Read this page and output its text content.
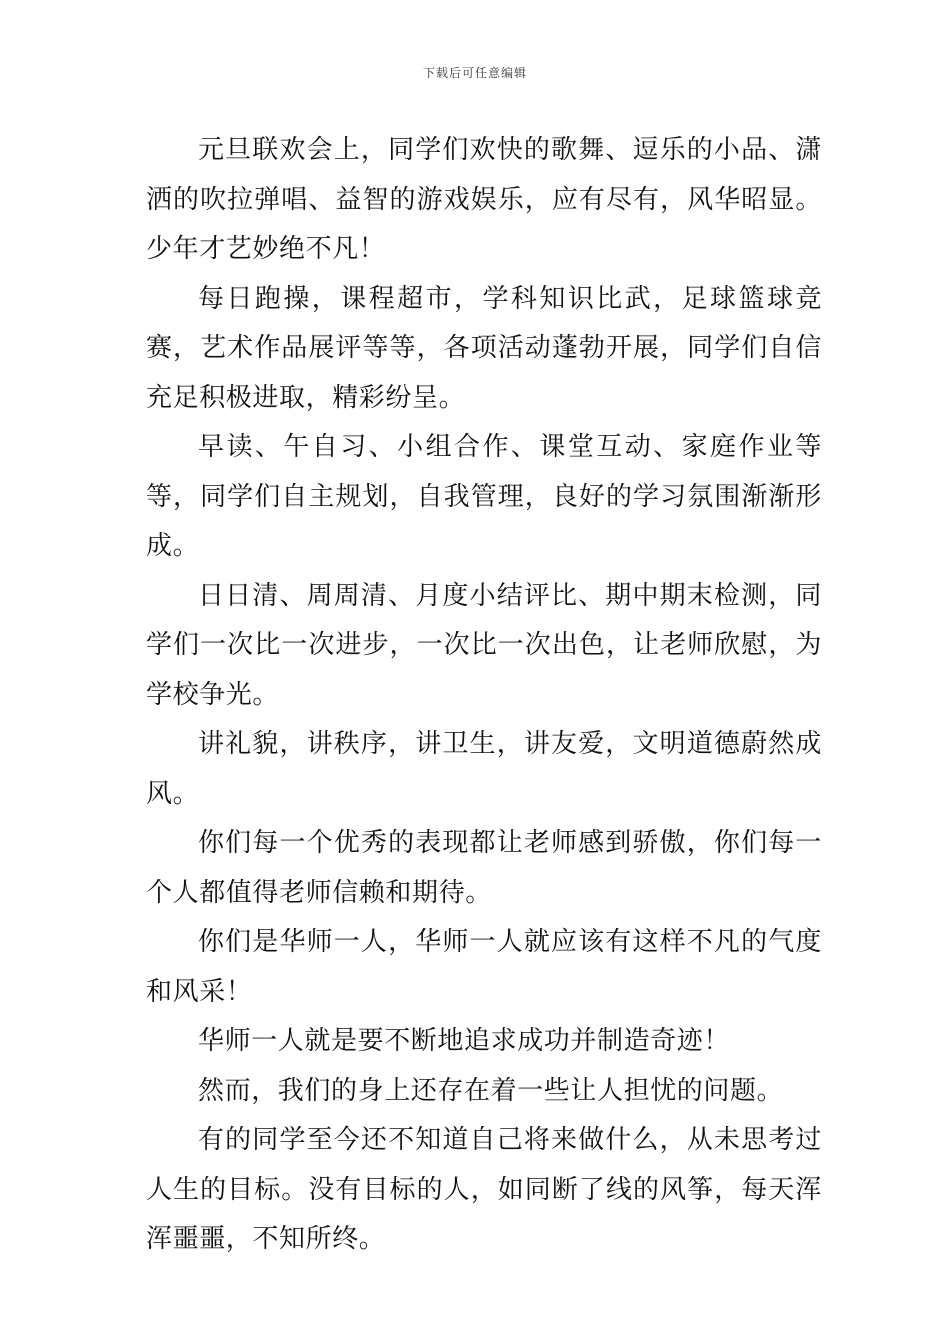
下载后可任意编辑

元旦联欢会上，同学们欢快的歌舞、逗乐的小品、潇洒的吹拉弹唱、益智的游戏娱乐，应有尽有，风华昭显。少年才艺妙绝不凡！

每日跑操，课程超市，学科知识比武，足球篮球竞赛，艺术作品展评等等，各项活动蓬勃开展，同学们自信充足积极进取，精彩纷呈。

早读、午自习、小组合作、课堂互动、家庭作业等等，同学们自主规划，自我管理，良好的学习氛围渐渐形成。

日日清、周周清、月度小结评比、期中期末检测，同学们一次比一次进步，一次比一次出色，让老师欣慰，为学校争光。

讲礼貌，讲秩序，讲卫生，讲友爱，文明道德蔚然成风。

你们每一个优秀的表现都让老师感到骄傲，你们每一个人都值得老师信赖和期待。

你们是华师一人，华师一人就应该有这样不凡的气度和风采！

华师一人就是要不断地追求成功并制造奇迹！

然而，我们的身上还存在着一些让人担忧的问题。

有的同学至今还不知道自己将来做什么，从未思考过人生的目标。没有目标的人，如同断了线的风筝，每天浑浑噩噩，不知所终。
